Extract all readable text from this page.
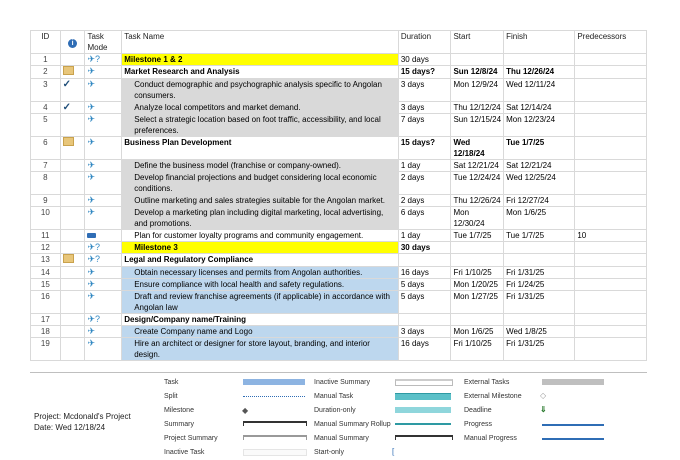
ID	i	Task Mode	Task Name	Duration	Start	Finish	Predecessors
1		✈?	Milestone 1 & 2	30 days			
2		✈	Market Research and Analysis	15 days?	Sun 12/8/24	Thu 12/26/24	
3	✓	✈	Conduct demographic and psychographic analysis specific to Angolan consumers.	3 days	Mon 12/9/24	Wed 12/11/24	
4	✓	✈	Analyze local competitors and market demand.	3 days	Thu 12/12/24	Sat 12/14/24	
5		✈	Select a strategic location based on foot traffic, accessibility, and local preferences.	7 days	Sun 12/15/24	Mon 12/23/24	
6		✈	Business Plan Development	15 days?	Wed 12/18/24	Tue 1/7/25	
7		✈	Define the business model (franchise or company-owned).	1 day	Sat 12/21/24	Sat 12/21/24	
8		✈	Develop financial projections and budget considering local economic conditions.	2 days	Tue 12/24/24	Wed 12/25/24	
9		✈	Outline marketing and sales strategies suitable for the Angolan market.	2 days	Thu 12/26/24	Fri 12/27/24	
10		✈	Develop a marketing plan including digital marketing, local advertising, and promotions.	6 days	Mon 12/30/24	Mon 1/6/25	
11			Plan for customer loyalty programs and community engagement.	1 day	Tue 1/7/25	Tue 1/7/25	10
12		✈?	Milestone 3	30 days			
13		✈?	Legal and Regulatory Compliance				
14		✈	Obtain necessary licenses and permits from Angolan authorities.	16 days	Fri 1/10/25	Fri 1/31/25	
15		✈	Ensure compliance with local health and safety regulations.	5 days	Mon 1/20/25	Fri 1/24/25	
16		✈	Draft and review franchise agreements (if applicable) in accordance with Angolan law	5 days	Mon 1/27/25	Fri 1/31/25	
17		✈?	Design/Company name/Training				
18		✈	Create Company name and Logo	3 days	Mon 1/6/25	Wed 1/8/25	
19		✈	Hire an architect or designer for store layout, branding, and interior design.	16 days	Fri 1/10/25	Fri 1/31/25	
Project: Mcdonald's Project
Date: Wed 12/18/24
Task
Split
Milestone
Summary
Project Summary
Inactive Task
◆
Inactive Summary
Manual Task
Duration-only
Manual Summary Rollup
Manual Summary
Start-only	[
External Tasks
External Milestone
Deadline
Progress
Manual Progress
◇
⇓
